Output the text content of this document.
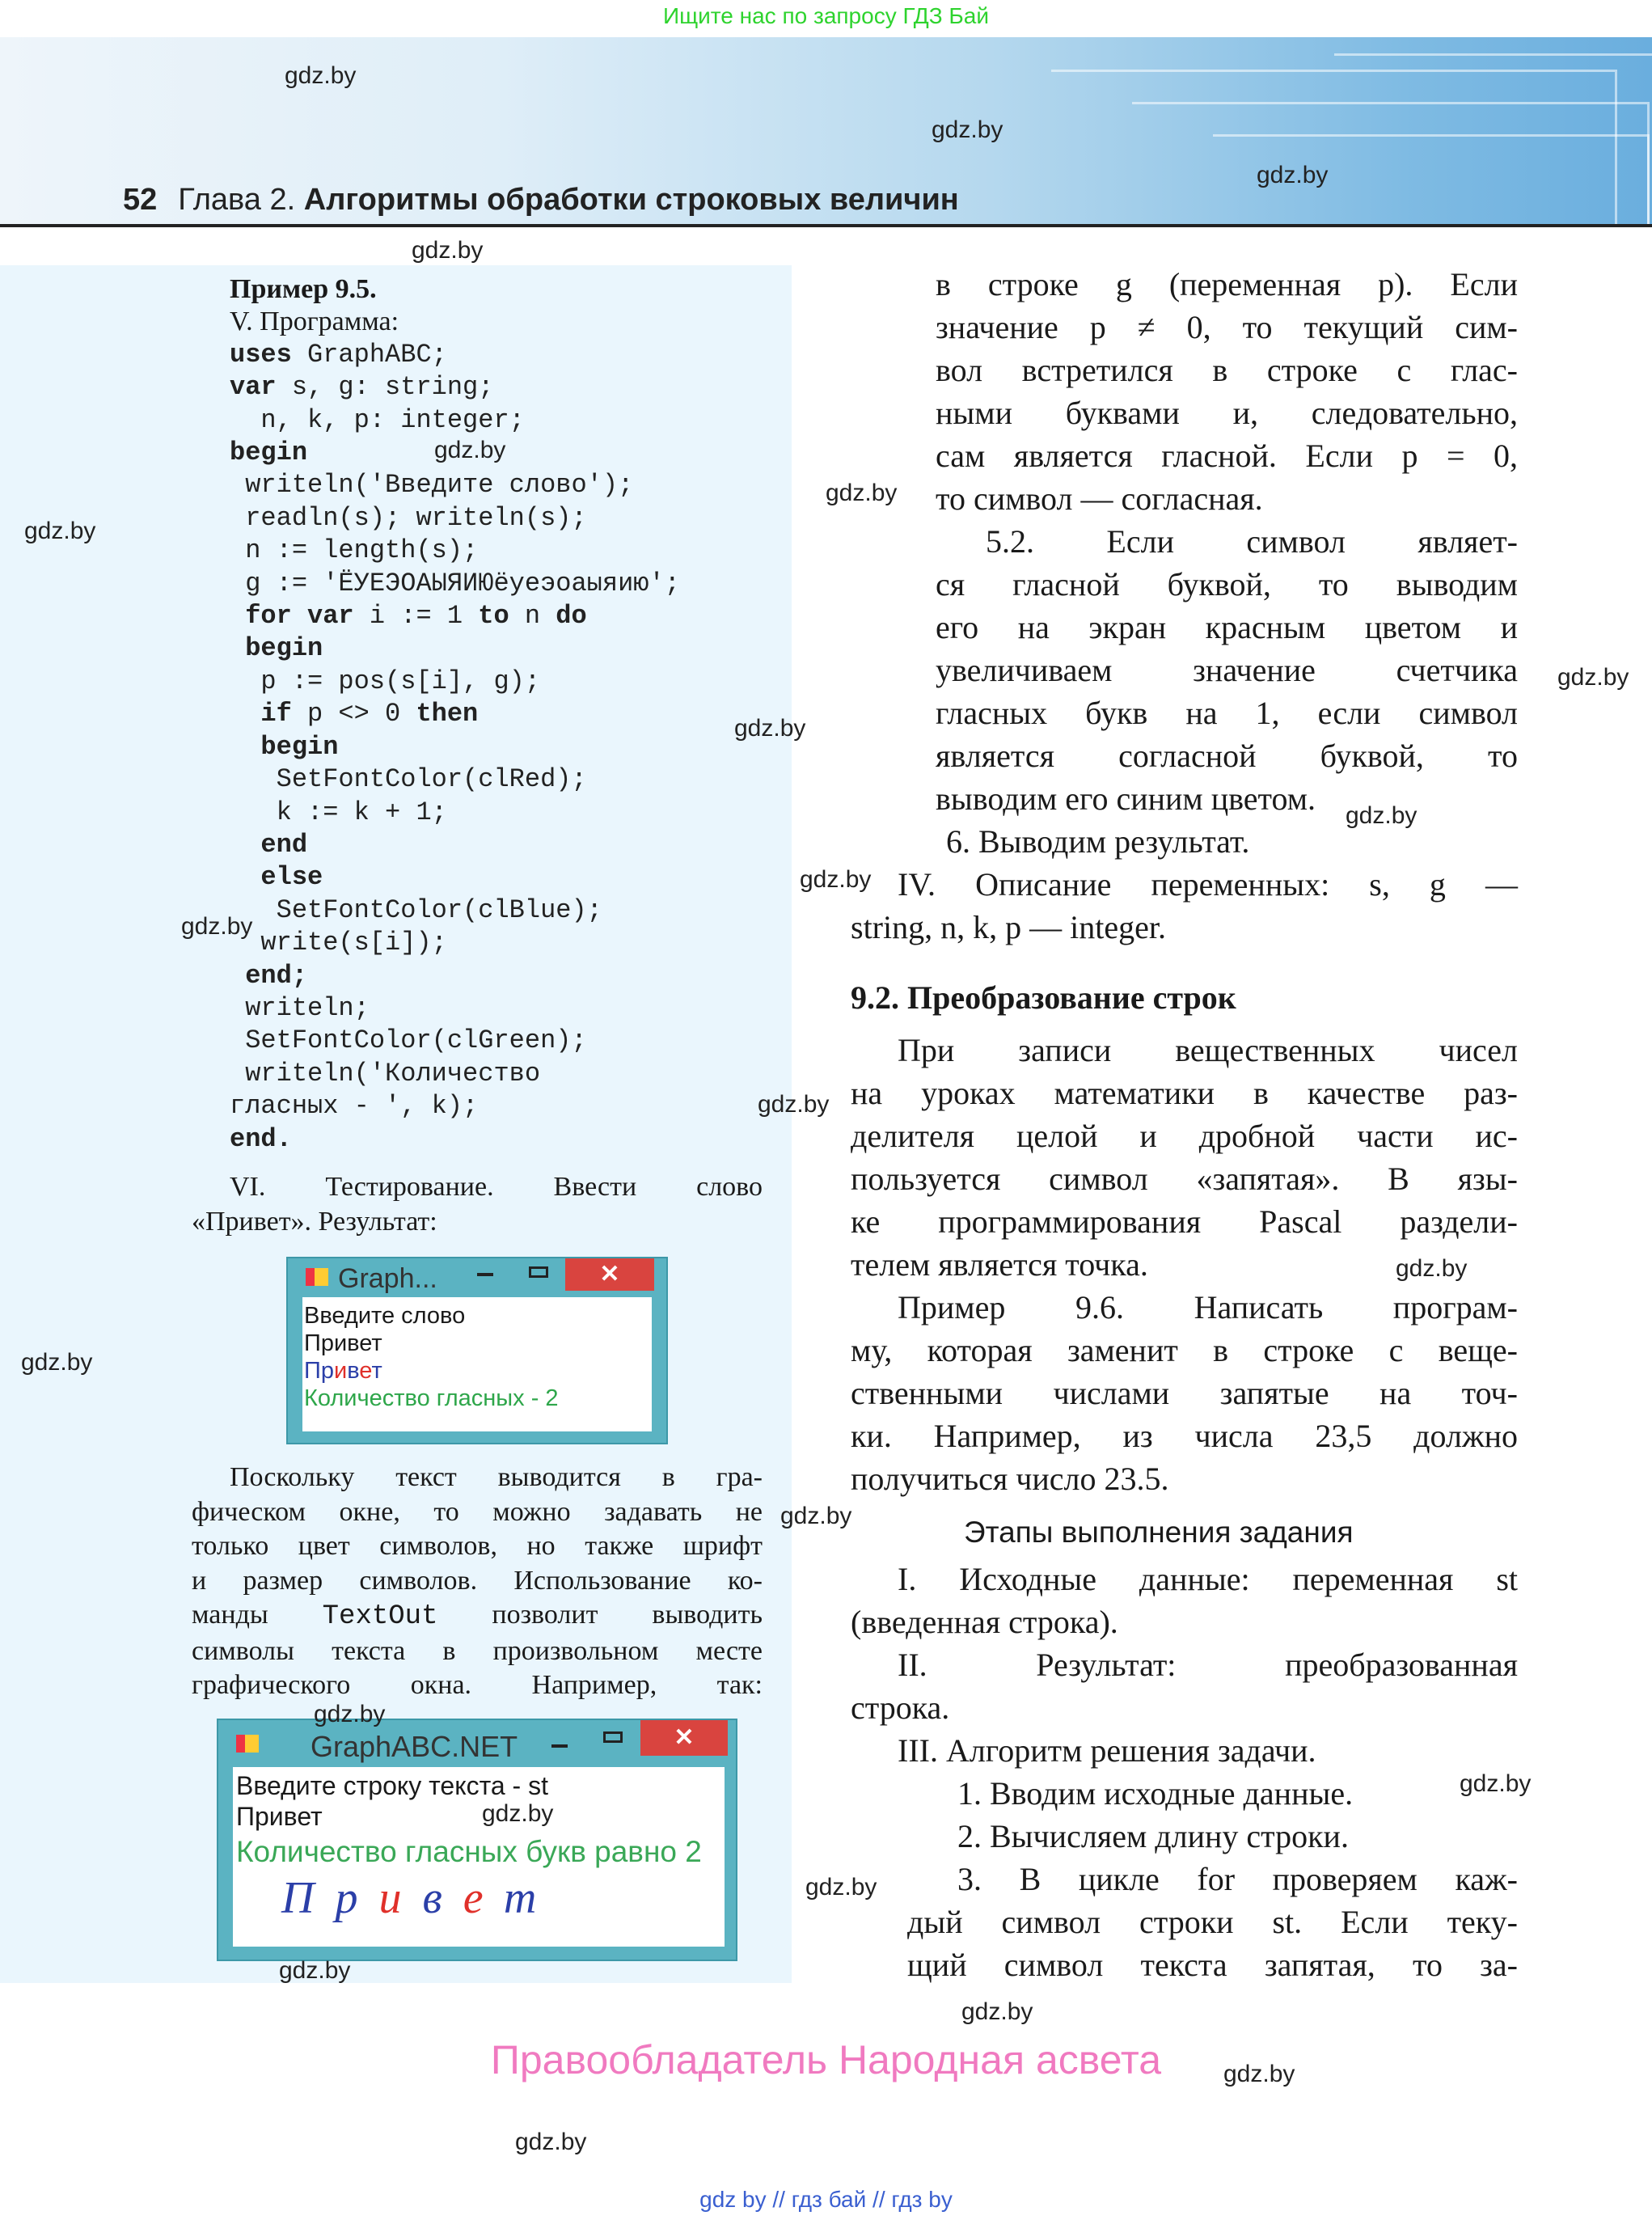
Ищите нас по запросу ГДЗ Бай
52 Глава 2. Алгоритмы обработки строковых величин
Пример 9.5.
V. Программа:
uses GraphABC;
var s, g: string;
n, k, p: integer;
begin
writeln('Введите слово');
readln(s); writeln(s);
n := length(s);
g := 'ЁУЕЭОАЫЯИЮёуеэоаыяию';
for var i := 1 to n do
begin
p := pos(s[i], g);
if p <> 0 then
begin
SetFontColor(clRed);
k := k + 1;
end
else
SetFontColor(clBlue);
write(s[i]);
end;
writeln;
SetFontColor(clGreen);
writeln('Количество
гласных - ', k);
end.
VI. Тестирование. Ввести слово
«Привет». Результат:
Graph...	✕
Введите слово
Привет
Привет
Количество гласных - 2
Поскольку текст выводится в гра-
фическом окне, то можно задавать не
только цвет символов, но также шрифт
и размер символов. Использование ко-
манды TextOut позволит выводить
символы текста в произвольном месте
графического окна. Например, так:
GraphABC.NET	✕
Введите строку текста - st
Привет
Количество гласных букв равно 2
Привет
в строке g (переменная p). Если
значение p ≠ 0, то текущий сим-
вол встретился в строке с глас-
ными буквами и, следовательно,
сам является гласной. Если p = 0,
то символ — согласная.
5.2. Если символ являет-
ся гласной буквой, то выводим
его на экран красным цветом и
увеличиваем значение счетчика
гласных букв на 1, если символ
является согласной буквой, то
выводим его синим цветом.
6. Выводим результат.
IV. Описание переменных: s, g —
string, n, k, p — integer.
9.2. Преобразование строк
При записи вещественных чисел
на уроках математики в качестве раз-
делителя целой и дробной части ис-
пользуется символ «запятая». В язы-
ке программирования Pascal раздели-
телем является точка.
Пример 9.6. Написать програм-
му, которая заменит в строке с веще-
ственными числами запятые на точ-
ки. Например, из числа 23,5 должно
получиться число 23.5.
Этапы выполнения задания
I. Исходные данные: переменная st
(введенная строка).
II. Результат: преобразованная
строка.
III. Алгоритм решения задачи.
1. Вводим исходные данные.
2. Вычисляем длину строки.
3. В цикле for проверяем каж-
дый символ строки st. Если теку-
щий символ текста запятая, то за-
gdz.by
gdz.by
gdz.by
gdz.by
gdz.by
gdz.by
gdz.by
gdz.by
gdz.by
gdz.by
gdz.by
gdz.by
gdz.by
gdz.by
gdz.by
gdz.by
gdz.by
gdz.by
gdz.by
gdz.by
gdz.by
gdz.by
gdz.by
gdz.by
Правообладатель Народная асвета
gdz by // гдз бай // гдз by
